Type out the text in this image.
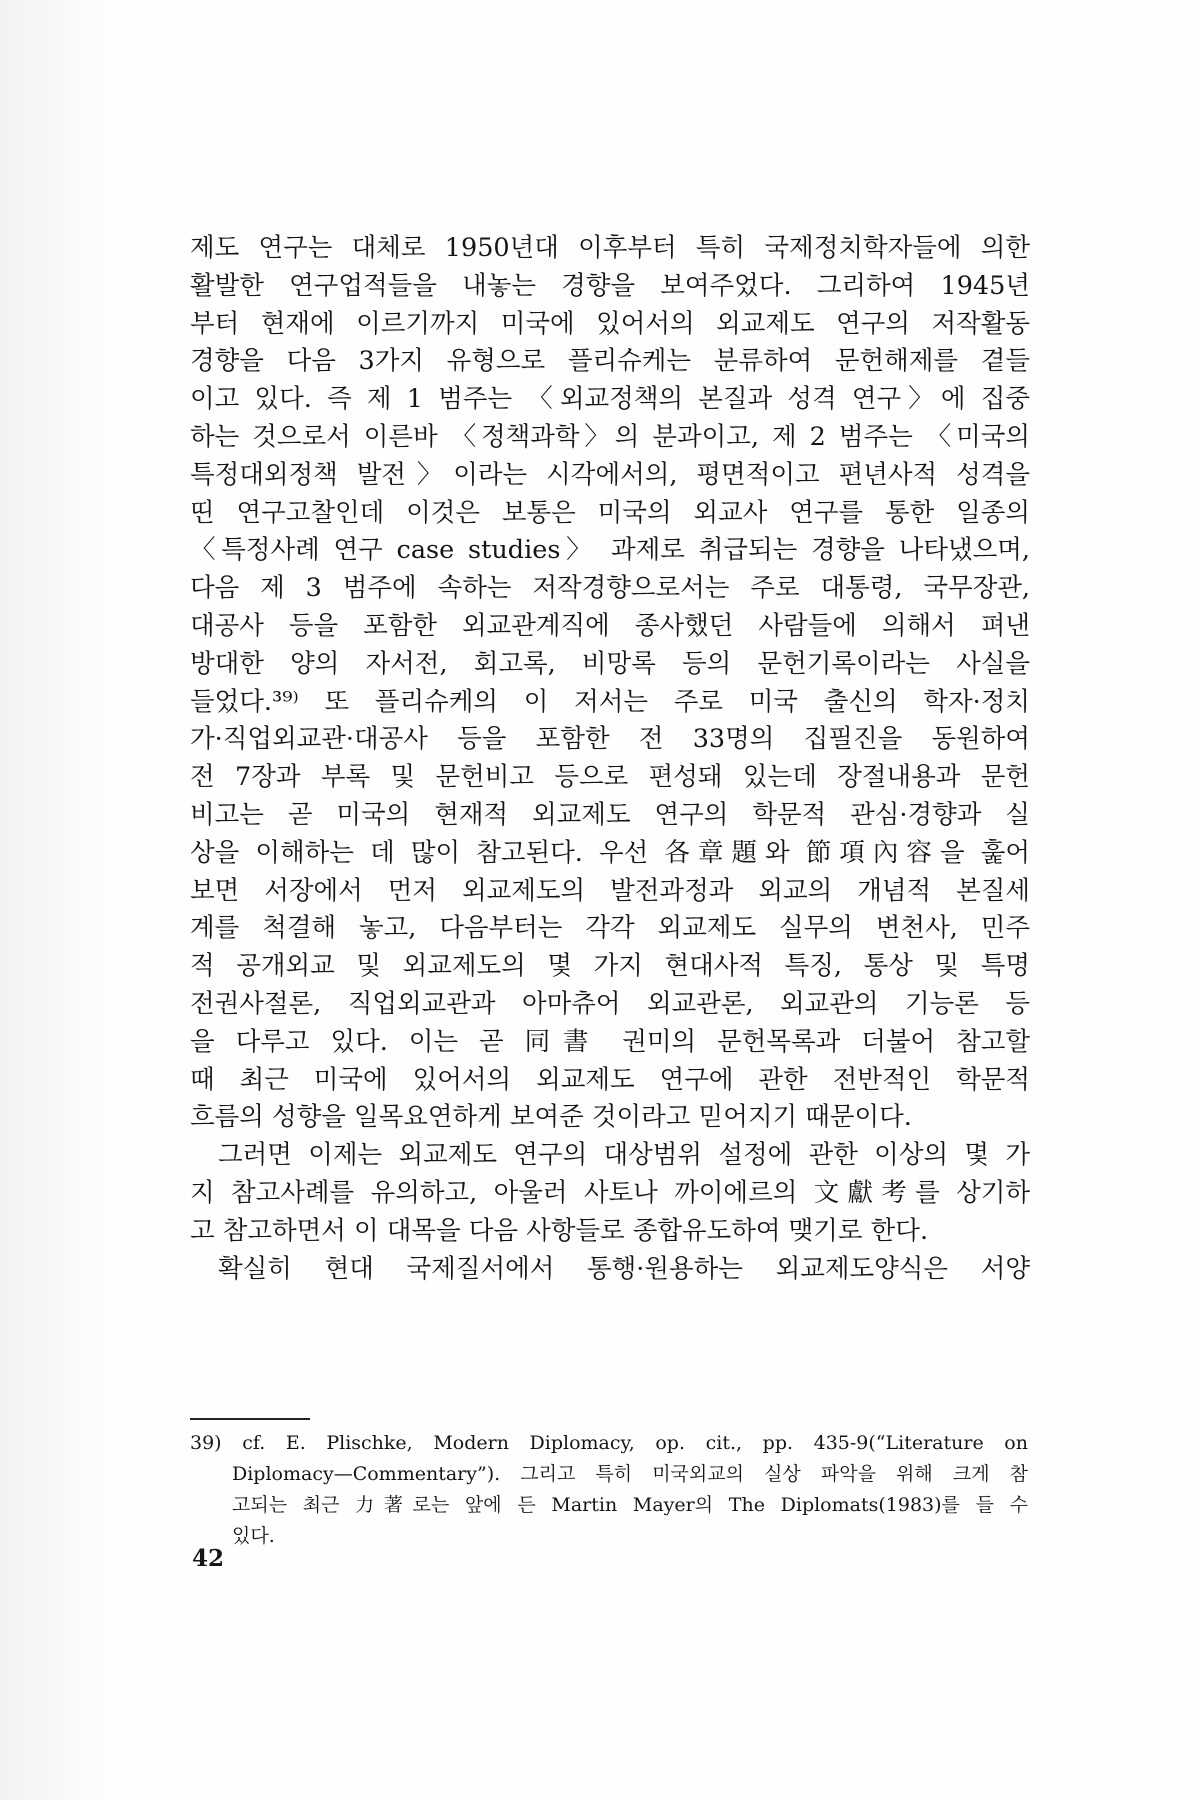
제도 연구는 대체로 1950년대 이후부터 특히 국제정치학자들에 의한
활발한 연구업적들을 내놓는 경향을 보여주었다. 그리하여 1945년
부터 현재에 이르기까지 미국에 있어서의 외교제도 연구의 저작활동
경향을 다음 3가지 유형으로 플리슈케는 분류하여 문헌해제를 곁들
이고 있다. 즉 제 1 범주는 〈외교정책의 본질과 성격 연구〉에 집중
하는 것으로서 이른바 〈정책과학〉의 분과이고, 제 2 범주는 〈미국의
특정대외정책 발전〉이라는 시각에서의, 평면적이고 편년사적 성격을
띤 연구고찰인데 이것은 보통은 미국의 외교사 연구를 통한 일종의
〈특정사례 연구 case studies〉 과제로 취급되는 경향을 나타냈으며,
다음 제 3 범주에 속하는 저작경향으로서는 주로 대통령, 국무장관,
대공사 등을 포함한 외교관계직에 종사했던 사람들에 의해서 펴낸
방대한 양의 자서전, 회고록, 비망록 등의 문헌기록이라는 사실을
들었다.³⁹⁾ 또 플리슈케의 이 저서는 주로 미국 출신의 학자·정치
가·직업외교관·대공사 등을 포함한 전 33명의 집필진을 동원하여
전 7장과 부록 및 문헌비고 등으로 편성돼 있는데 장절내용과 문헌
비고는 곧 미국의 현재적 외교제도 연구의 학문적 관심·경향과 실
상을 이해하는 데 많이 참고된다. 우선 各章題와 節項內容을 훑어
보면 서장에서 먼저 외교제도의 발전과정과 외교의 개념적 본질세
계를 척결해 놓고, 다음부터는 각각 외교제도 실무의 변천사, 민주
적 공개외교 및 외교제도의 몇 가지 현대사적 특징, 통상 및 특명
전권사절론, 직업외교관과 아마츄어 외교관론, 외교관의 기능론 등
을 다루고 있다. 이는 곧 同書 권미의 문헌목록과 더불어 참고할
때 최근 미국에 있어서의 외교제도 연구에 관한 전반적인 학문적
흐름의 성향을 일목요연하게 보여준 것이라고 믿어지기 때문이다.
그러면 이제는 외교제도 연구의 대상범위 설정에 관한 이상의 몇 가
지 참고사례를 유의하고, 아울러 사토나 까이에르의 文獻考를 상기하
고 참고하면서 이 대목을 다음 사항들로 종합유도하여 맺기로 한다.
확실히 현대 국제질서에서 통행·원용하는 외교제도양식은 서양
39) cf. E. Plischke, Modern Diplomacy, op. cit., pp. 435-9(“Literature on
Diplomacy—Commentary”). 그리고 특히 미국외교의 실상 파악을 위해 크게 참
고되는 최근 力著로는 앞에 든 Martin Mayer의 The Diplomats(1983)를 들 수
있다.
42
